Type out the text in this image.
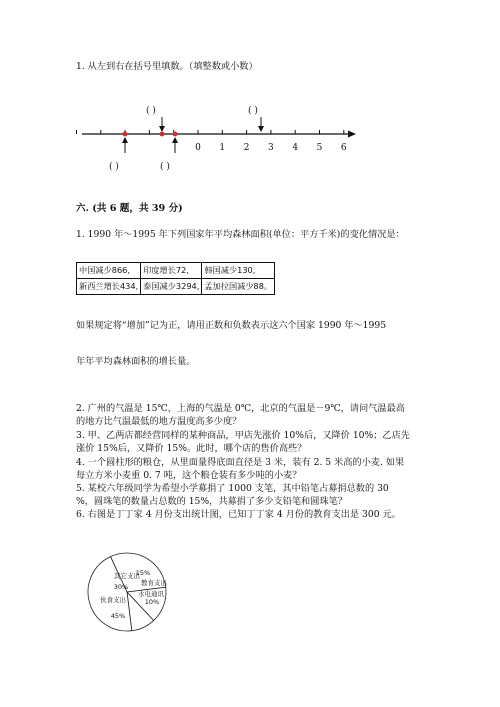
1. 从左到右在括号里填数。（填整数或小数）
0 1 2 3 4 5 6
( )	( )
( )	( )
其它支出
30% 教育支出
15%
水电通讯
10%
伙食支出
45%
六. (共 6 题，共 39 分)
1. 1990 年～1995 年下列国家年平均森林面积(单位：平方千米)的变化情况是：
中国减少866,	印度增长72,	韩国减少130,
新西兰增长434,	泰国减少3294,	孟加拉国减少88。
如果规定将“增加”记为正，请用正数和负数表示这六个国家 1990 年～1995
年年平均森林面积的增长量。
2. 广州的气温是 15℃，上海的气温是 0℃，北京的气温是－9℃，请问气温最高
的地方比气温最低的地方温度高多少度？
3. 甲、乙两店都经营同样的某种商品，甲店先涨价 10%后，又降价 10%；乙店先
涨价 15%后，又降价 15%。此时，哪个店的售价高些？
4. 一个圆柱形的粮仓，从里面量得底面直径是 3 米，装有 2. 5 米高的小麦. 如果
每立方米小麦重 0. 7 吨，这个粮仓装有多少吨的小麦？
5. 某校六年级同学为希望小学募捐了 1000 支笔，其中铅笔占募捐总数的 30
%，圆珠笔的数量占总数的 15%，共募捐了多少支铅笔和圆珠笔？
6. 右图是丁丁家 4 月份支出统计图，已知丁丁家 4 月份的教育支出是 300 元。
